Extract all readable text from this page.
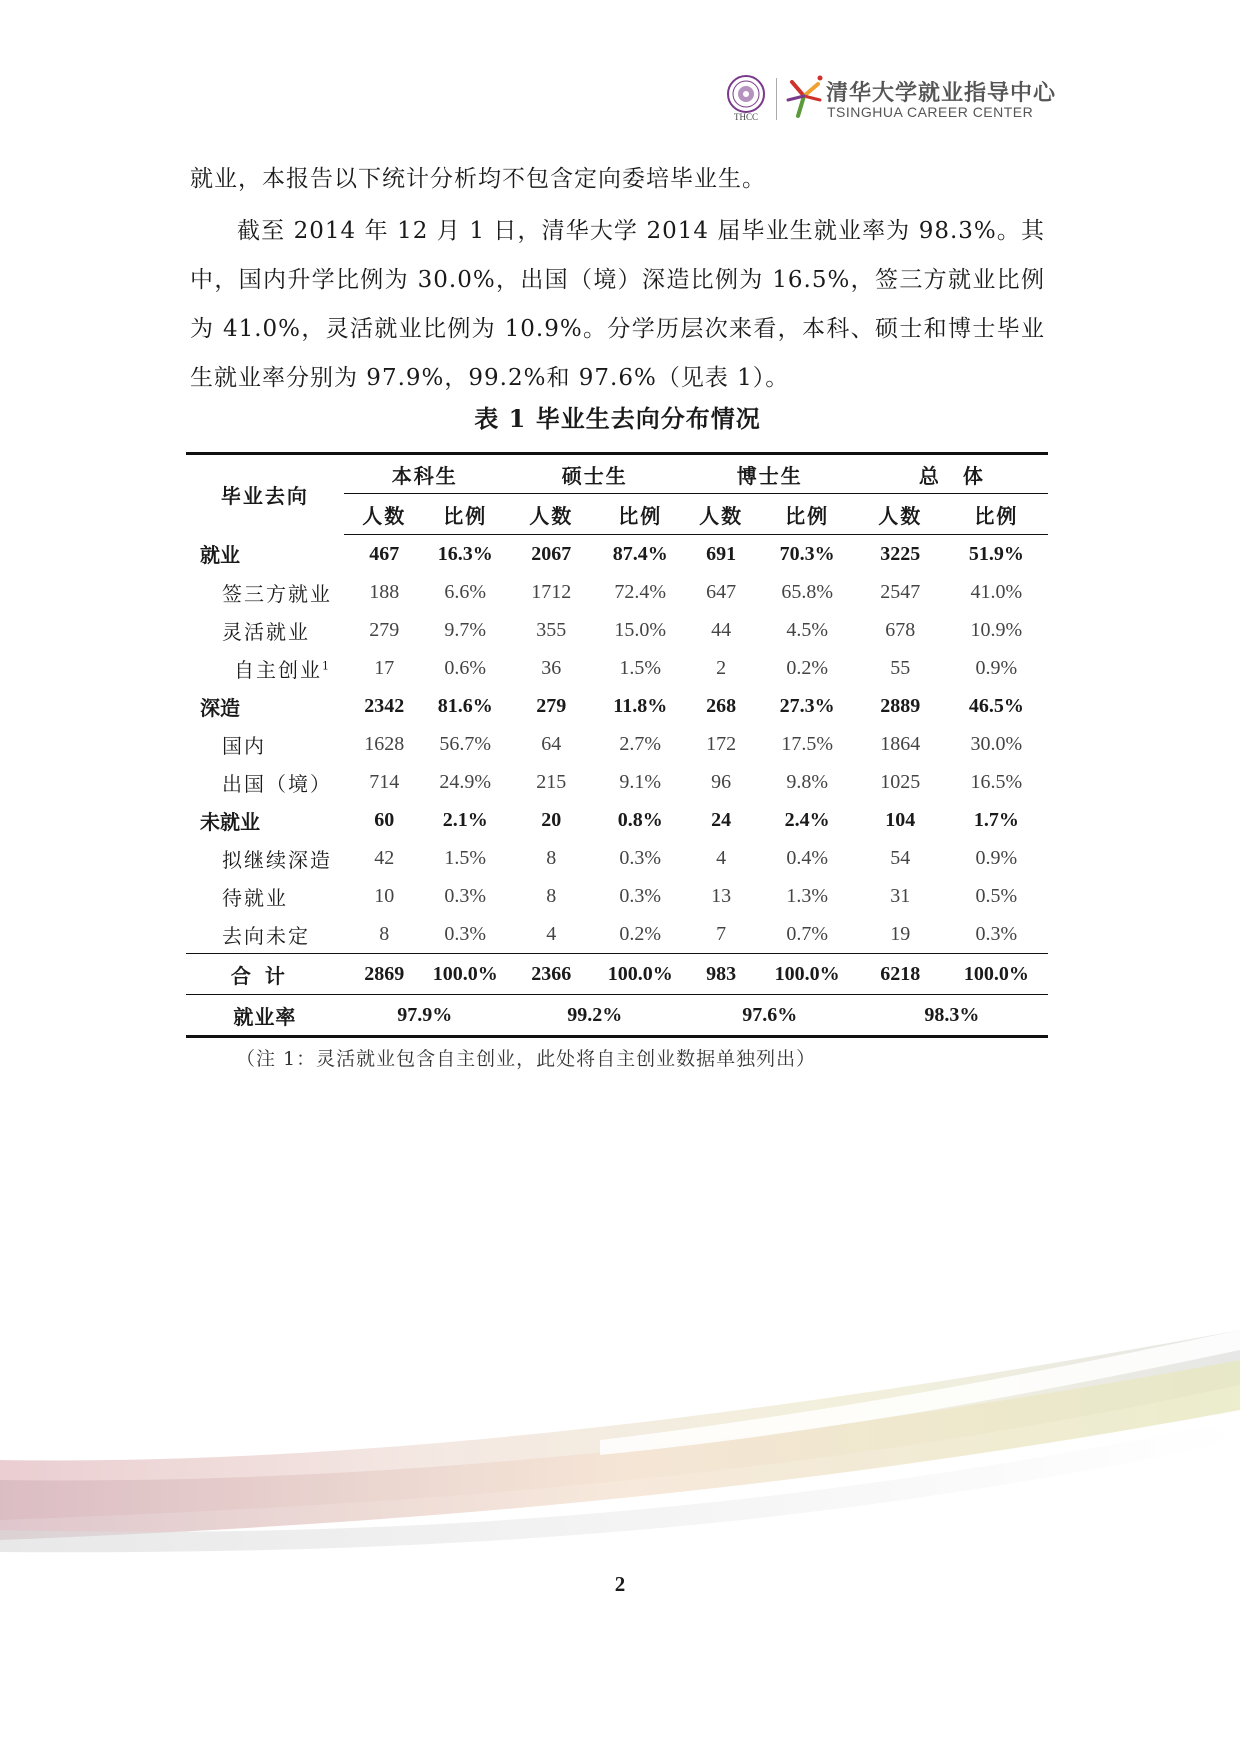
THCC
清华大学就业指导中心
TSINGHUA CAREER CENTER
就业，本报告以下统计分析均不包含定向委培毕业生。
截至 2014 年 12 月 1 日，清华大学 2014 届毕业生就业率为 98.3%。其中，国内升学比例为 30.0%，出国（境）深造比例为 16.5%，签三方就业比例为 41.0%，灵活就业比例为 10.9%。分学历层次来看，本科、硕士和博士毕业生就业率分别为 97.9%，99.2%和 97.6%（见表 1）。
表 1 毕业生去向分布情况
毕业去向	本科生		硕士生		博士生		总　体	
	人数	比例	人数	比例	人数	比例	人数	比例
就业	467	16.3%	2067	87.4%	691	70.3%	3225	51.9%
签三方就业	188	6.6%	1712	72.4%	647	65.8%	2547	41.0%
灵活就业	279	9.7%	355	15.0%	44	4.5%	678	10.9%
自主创业$^1$	17	0.6%	36	1.5%	2	0.2%	55	0.9%
深造	2342	81.6%	279	11.8%	268	27.3%	2889	46.5%
国内	1628	56.7%	64	2.7%	172	17.5%	1864	30.0%
出国（境）	714	24.9%	215	9.1%	96	9.8%	1025	16.5%
未就业	60	2.1%	20	0.8%	24	2.4%	104	1.7%
拟继续深造	42	1.5%	8	0.3%	4	0.4%	54	0.9%
待就业	10	0.3%	8	0.3%	13	1.3%	31	0.5%
去向未定	8	0.3%	4	0.2%	7	0.7%	19	0.3%
合计	2869	100.0%	2366	100.0%	983	100.0%	6218	100.0%
就业率	97.9%		99.2%		97.6%		98.3%	
（注 1：灵活就业包含自主创业，此处将自主创业数据单独列出）
2
